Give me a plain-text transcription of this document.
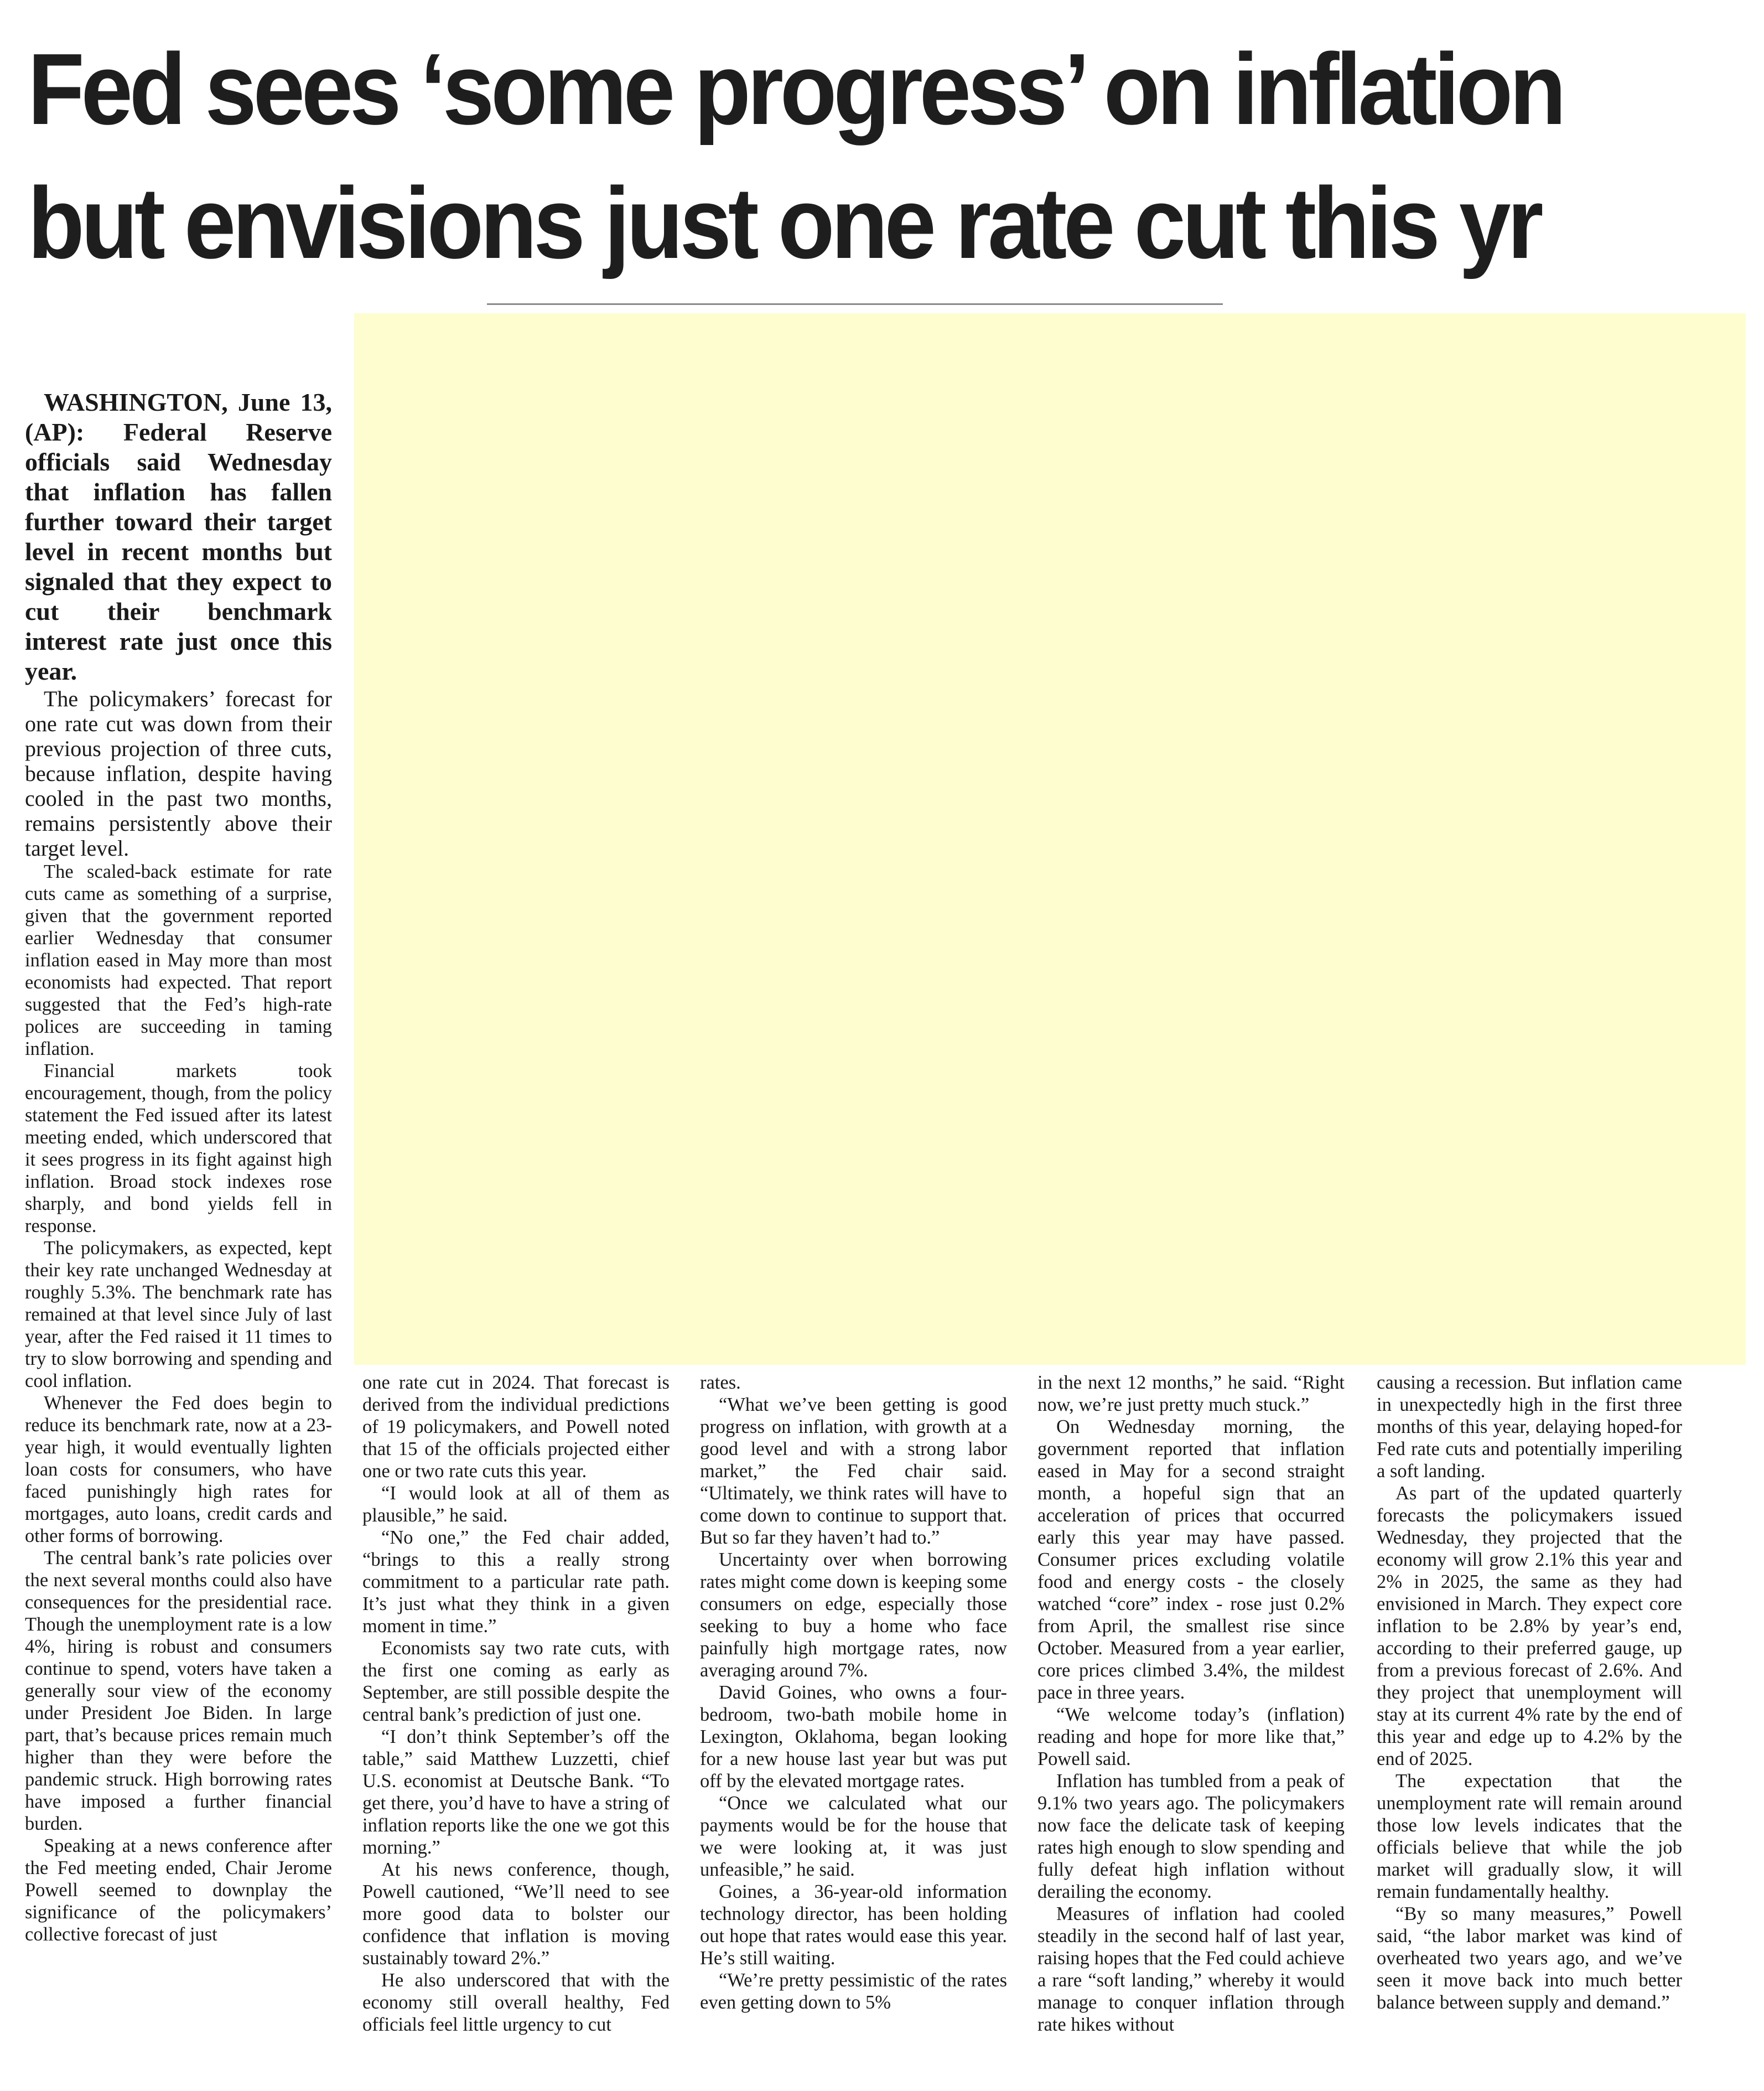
Fed sees ‘some progress’ on inflation
but envisions just one rate cut this yr

WASHINGTON, June 13, (AP): Federal Reserve officials said Wednesday that inflation has fallen further toward their target level in recent months but signaled that they expect to cut their benchmark interest rate just once this year.

The policymakers’ forecast for one rate cut was down from their previous projection of three cuts, because inflation, despite having cooled in the past two months, remains persistently above their target level.

The scaled-back estimate for rate cuts came as something of a surprise, given that the government reported earlier Wednesday that consumer inflation eased in May more than most economists had expected. That report suggested that the Fed’s high-rate polices are succeeding in taming inflation.

Financial markets took encouragement, though, from the policy statement the Fed issued after its latest meeting ended, which underscored that it sees progress in its fight against high inflation. Broad stock indexes rose sharply, and bond yields fell in response.

The policymakers, as expected, kept their key rate unchanged Wednesday at roughly 5.3%. The benchmark rate has remained at that level since July of last year, after the Fed raised it 11 times to try to slow borrowing and spending and cool inflation.

Whenever the Fed does begin to reduce its benchmark rate, now at a 23-year high, it would eventually lighten loan costs for consumers, who have faced punishingly high rates for mortgages, auto loans, credit cards and other forms of borrowing.

The central bank’s rate policies over the next several months could also have consequences for the presidential race. Though the unemployment rate is a low 4%, hiring is robust and consumers continue to spend, voters have taken a generally sour view of the economy under President Joe Biden. In large part, that’s because prices remain much higher than they were before the pandemic struck. High borrowing rates have imposed a further financial burden.

Speaking at a news conference after the Fed meeting ended, Chair Jerome Powell seemed to downplay the significance of the policymakers’ collective forecast of just

one rate cut in 2024. That forecast is derived from the individual predictions of 19 policymakers, and Powell noted that 15 of the officials projected either one or two rate cuts this year.

“I would look at all of them as plausible,” he said.

“No one,” the Fed chair added, “brings to this a really strong commitment to a particular rate path. It’s just what they think in a given moment in time.”

Economists say two rate cuts, with the first one coming as early as September, are still possible despite the central bank’s prediction of just one.

“I don’t think September’s off the table,” said Matthew Luzzetti, chief U.S. economist at Deutsche Bank. “To get there, you’d have to have a string of inflation reports like the one we got this morning.”

At his news conference, though, Powell cautioned, “We’ll need to see more good data to bolster our confidence that inflation is moving sustainably toward 2%.”

He also underscored that with the economy still overall healthy, Fed officials feel little urgency to cut

rates.

“What we’ve been getting is good progress on inflation, with growth at a good level and with a strong labor market,” the Fed chair said. “Ultimately, we think rates will have to come down to continue to support that. But so far they haven’t had to.”

Uncertainty over when borrowing rates might come down is keeping some consumers on edge, especially those seeking to buy a home who face painfully high mortgage rates, now averaging around 7%.

David Goines, who owns a four-bedroom, two-bath mobile home in Lexington, Oklahoma, began looking for a new house last year but was put off by the elevated mortgage rates.

“Once we calculated what our payments would be for the house that we were looking at, it was just unfeasible,” he said.

Goines, a 36-year-old information technology director, has been holding out hope that rates would ease this year. He’s still waiting.

“We’re pretty pessimistic of the rates even getting down to 5%

in the next 12 months,” he said. “Right now, we’re just pretty much stuck.”

On Wednesday morning, the government reported that inflation eased in May for a second straight month, a hopeful sign that an acceleration of prices that occurred early this year may have passed. Consumer prices excluding volatile food and energy costs - the closely watched “core” index - rose just 0.2% from April, the smallest rise since October. Measured from a year earlier, core prices climbed 3.4%, the mildest pace in three years.

“We welcome today’s (inflation) reading and hope for more like that,” Powell said.

Inflation has tumbled from a peak of 9.1% two years ago. The policymakers now face the delicate task of keeping rates high enough to slow spending and fully defeat high inflation without derailing the economy.

Measures of inflation had cooled steadily in the second half of last year, raising hopes that the Fed could achieve a rare “soft landing,” whereby it would manage to conquer inflation through rate hikes without

causing a recession. But inflation came in unexpectedly high in the first three months of this year, delaying hoped-for Fed rate cuts and potentially imperiling a soft landing.

As part of the updated quarterly forecasts the policymakers issued Wednesday, they projected that the economy will grow 2.1% this year and 2% in 2025, the same as they had envisioned in March. They expect core inflation to be 2.8% by year’s end, according to their preferred gauge, up from a previous forecast of 2.6%. And they project that unemployment will stay at its current 4% rate by the end of this year and edge up to 4.2% by the end of 2025.

The expectation that the unemployment rate will remain around those low levels indicates that the officials believe that while the job market will gradually slow, it will remain fundamentally healthy.

“By so many measures,” Powell said, “the labor market was kind of overheated two years ago, and we’ve seen it move back into much better balance between supply and demand.”
